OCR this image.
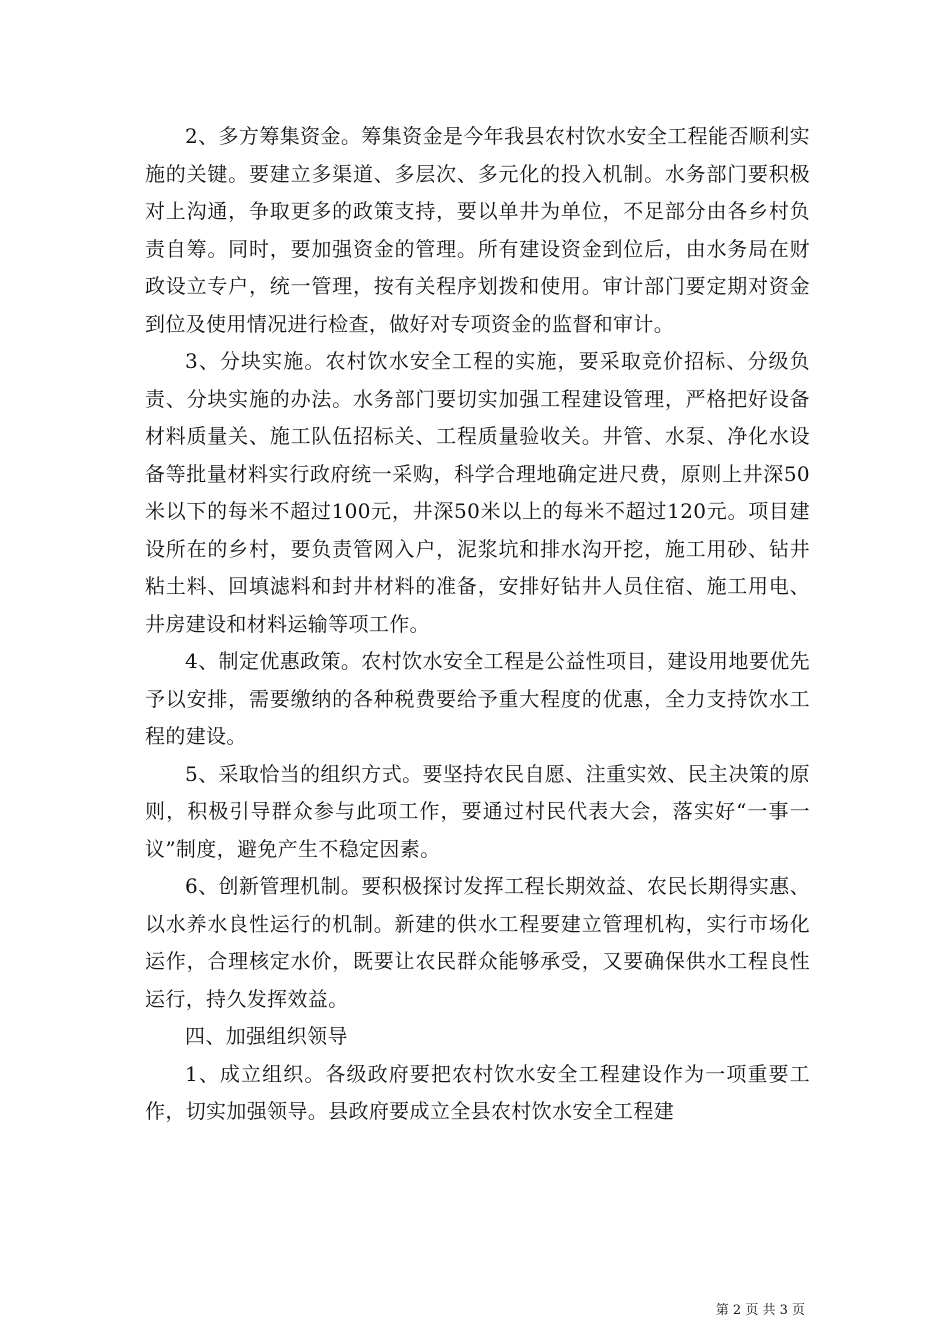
2、多方筹集资金。筹集资金是今年我县农村饮水安全工程能否顺利实施的关键。要建立多渠道、多层次、多元化的投入机制。水务部门要积极对上沟通，争取更多的政策支持，要以单井为单位，不足部分由各乡村负责自筹。同时，要加强资金的管理。所有建设资金到位后，由水务局在财政设立专户，统一管理，按有关程序划拨和使用。审计部门要定期对资金到位及使用情况进行检查，做好对专项资金的监督和审计。

3、分块实施。农村饮水安全工程的实施，要采取竞价招标、分级负责、分块实施的办法。水务部门要切实加强工程建设管理，严格把好设备材料质量关、施工队伍招标关、工程质量验收关。井管、水泵、净化水设备等批量材料实行政府统一采购，科学合理地确定进尺费，原则上井深50米以下的每米不超过100元，井深50米以上的每米不超过120元。项目建设所在的乡村，要负责管网入户，泥浆坑和排水沟开挖，施工用砂、钻井粘土料、回填滤料和封井材料的准备，安排好钻井人员住宿、施工用电、井房建设和材料运输等项工作。

4、制定优惠政策。农村饮水安全工程是公益性项目，建设用地要优先予以安排，需要缴纳的各种税费要给予重大程度的优惠，全力支持饮水工程的建设。

5、采取恰当的组织方式。要坚持农民自愿、注重实效、民主决策的原则，积极引导群众参与此项工作，要通过村民代表大会，落实好“一事一议”制度，避免产生不稳定因素。

6、创新管理机制。要积极探讨发挥工程长期效益、农民长期得实惠、以水养水良性运行的机制。新建的供水工程要建立管理机构，实行市场化运作，合理核定水价，既要让农民群众能够承受，又要确保供水工程良性运行，持久发挥效益。

四、加强组织领导

1、成立组织。各级政府要把农村饮水安全工程建设作为一项重要工作，切实加强领导。县政府要成立全县农村饮水安全工程建

第 2 页 共 3 页
